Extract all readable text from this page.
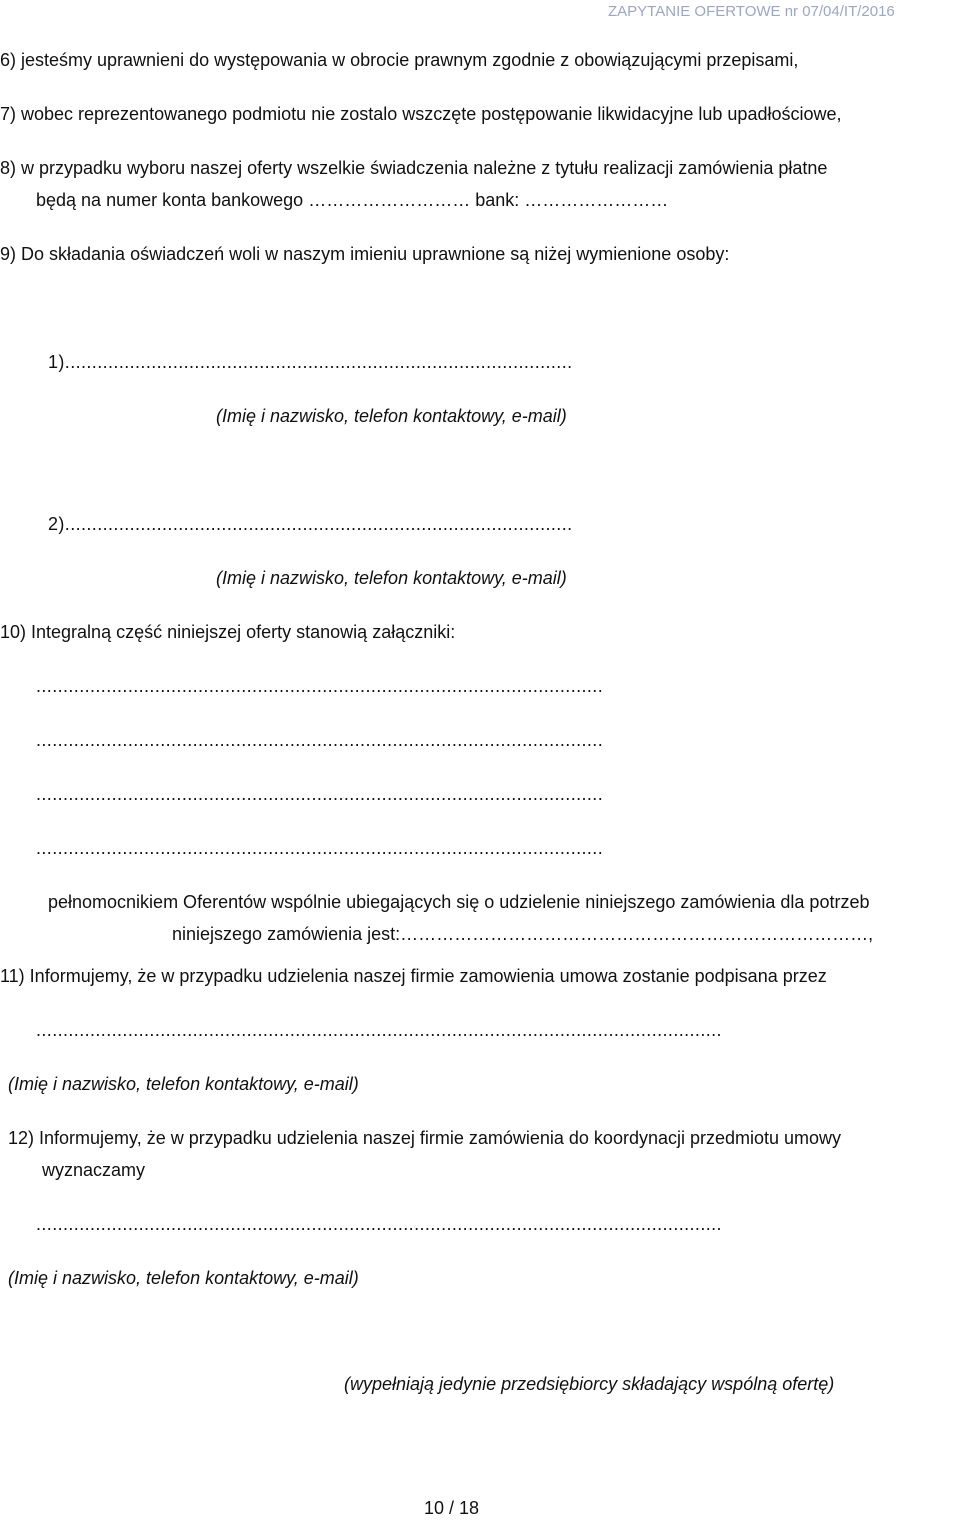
ZAPYTANIE OFERTOWE nr 07/04/IT/2016
6) jesteśmy uprawnieni do występowania w obrocie prawnym zgodnie z obowiązującymi przepisami,
7) wobec reprezentowanego podmiotu nie zostalo wszczęte postępowanie likwidacyjne lub upadłościowe,
8) w przypadku wyboru naszej oferty wszelkie świadczenia należne z tytułu realizacji zamówienia płatne
będą na numer konta bankowego ……………………… bank: ……………………
9) Do składania oświadczeń woli w naszym imieniu uprawnione są niżej wymienione osoby:
1)..............................................................................................
(Imię i nazwisko, telefon kontaktowy, e-mail)
2)..............................................................................................
(Imię i nazwisko, telefon kontaktowy, e-mail)
10) Integralną część niniejszej oferty stanowią załączniki:
.........................................................................................................
.........................................................................................................
.........................................................................................................
.........................................................................................................
pełnomocnikiem Oferentów wspólnie ubiegających się o udzielenie niniejszego zamówienia dla potrzeb
niniejszego zamówienia jest:……………………………………………………………………,
11) Informujemy, że w przypadku udzielenia naszej firmie zamowienia umowa zostanie podpisana przez
...............................................................................................................................
(Imię i nazwisko, telefon kontaktowy, e-mail)
12) Informujemy, że w przypadku udzielenia naszej firmie zamówienia do koordynacji przedmiotu umowy
wyznaczamy
...............................................................................................................................
(Imię i nazwisko, telefon kontaktowy, e-mail)
(wypełniają jedynie przedsiębiorcy składający wspólną ofertę)
10 / 18
